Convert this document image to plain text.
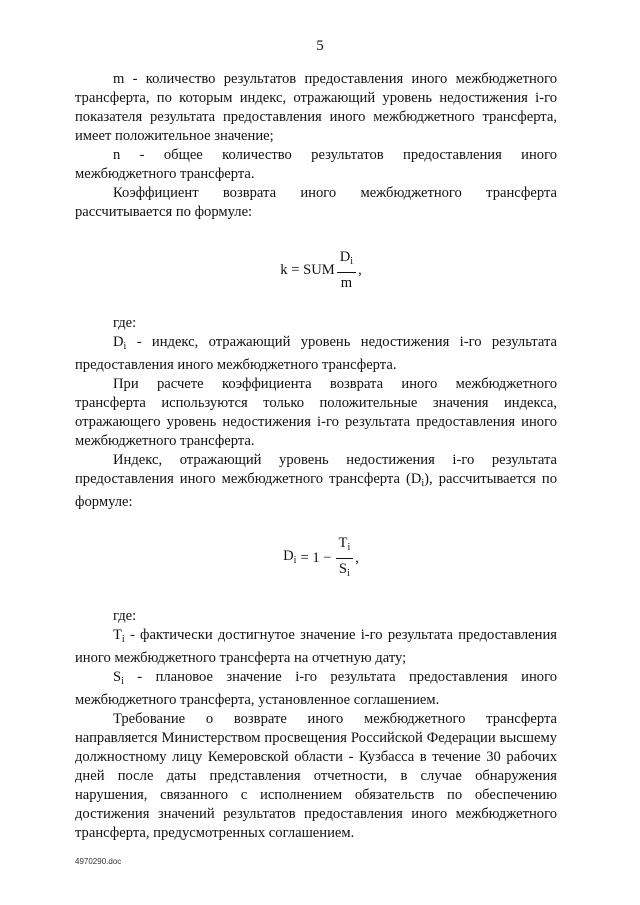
5

m - количество результатов предоставления иного межбюджетного трансферта, по которым индекс, отражающий уровень недостижения i-го показателя результата предоставления иного межбюджетного трансферта, имеет положительное значение;

n - общее количество результатов предоставления иного межбюджетного трансферта.

Коэффициент возврата иного межбюджетного трансферта рассчитывается по формуле:

k = SUM $\frac{D_i}{m}$ ,

где:

$D_i$ - индекс, отражающий уровень недостижения i-го результата предоставления иного межбюджетного трансферта.

При расчете коэффициента возврата иного межбюджетного трансферта используются только положительные значения индекса, отражающего уровень недостижения i-го результата предоставления иного межбюджетного трансферта.

Индекс, отражающий уровень недостижения i-го результата предоставления иного межбюджетного трансферта $(D_i)$, рассчитывается по формуле:

$D_i = 1 - \frac{T_i}{S_i}$ ,

где:

$T_i$ - фактически достигнутое значение i-го результата предоставления иного межбюджетного трансферта на отчетную дату;

$S_i$ - плановое значение i-го результата предоставления иного межбюджетного трансферта, установленное соглашением.

Требование о возврате иного межбюджетного трансферта направляется Министерством просвещения Российской Федерации высшему должностному лицу Кемеровской области - Кузбасса в течение 30 рабочих дней после даты представления отчетности, в случае обнаружения нарушения, связанного с исполнением обязательств по обеспечению достижения значений результатов предоставления иного межбюджетного трансферта, предусмотренных соглашением.

4970290.doc
